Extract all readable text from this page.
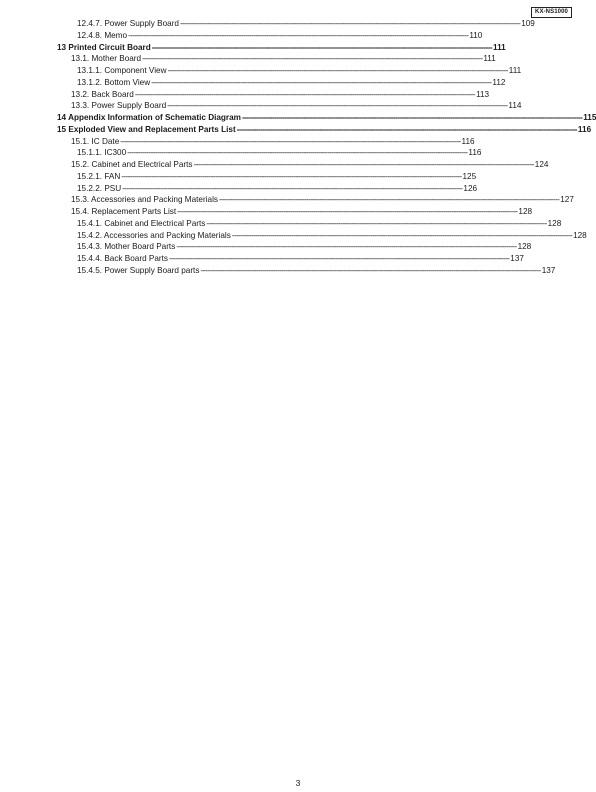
KX-NS1000
12.4.7. Power Supply Board ---------------------------------------------------------------------------------------------------------------------------------------------------------------- 109
12.4.8. Memo ---------------------------------------------------------------------------------------------------------------------------------------------------------------- 110
13 Printed Circuit Board ---------------------------------------------------------------------------------------------------------------------------------------------------------------- 111
13.1. Mother Board ---------------------------------------------------------------------------------------------------------------------------------------------------------------- 111
13.1.1. Component View ---------------------------------------------------------------------------------------------------------------------------------------------------------------- 111
13.1.2. Bottom View ---------------------------------------------------------------------------------------------------------------------------------------------------------------- 112
13.2. Back Board ---------------------------------------------------------------------------------------------------------------------------------------------------------------- 113
13.3. Power Supply Board ---------------------------------------------------------------------------------------------------------------------------------------------------------------- 114
14 Appendix Information of Schematic Diagram ---------------------------------------------------------------------------------------------------------------------------------------------------------------- 115
15 Exploded View and Replacement Parts List ---------------------------------------------------------------------------------------------------------------------------------------------------------------- 116
15.1. IC Date ---------------------------------------------------------------------------------------------------------------------------------------------------------------- 116
15.1.1. IC300 ---------------------------------------------------------------------------------------------------------------------------------------------------------------- 116
15.2. Cabinet and Electrical Parts ---------------------------------------------------------------------------------------------------------------------------------------------------------------- 124
15.2.1. FAN ---------------------------------------------------------------------------------------------------------------------------------------------------------------- 125
15.2.2. PSU ---------------------------------------------------------------------------------------------------------------------------------------------------------------- 126
15.3. Accessories and Packing Materials ---------------------------------------------------------------------------------------------------------------------------------------------------------------- 127
15.4. Replacement Parts List ---------------------------------------------------------------------------------------------------------------------------------------------------------------- 128
15.4.1. Cabinet and Electrical Parts ---------------------------------------------------------------------------------------------------------------------------------------------------------------- 128
15.4.2. Accessories and Packing Materials ---------------------------------------------------------------------------------------------------------------------------------------------------------------- 128
15.4.3. Mother Board Parts ---------------------------------------------------------------------------------------------------------------------------------------------------------------- 128
15.4.4. Back Board Parts ---------------------------------------------------------------------------------------------------------------------------------------------------------------- 137
15.4.5. Power Supply Board parts ---------------------------------------------------------------------------------------------------------------------------------------------------------------- 137
3
